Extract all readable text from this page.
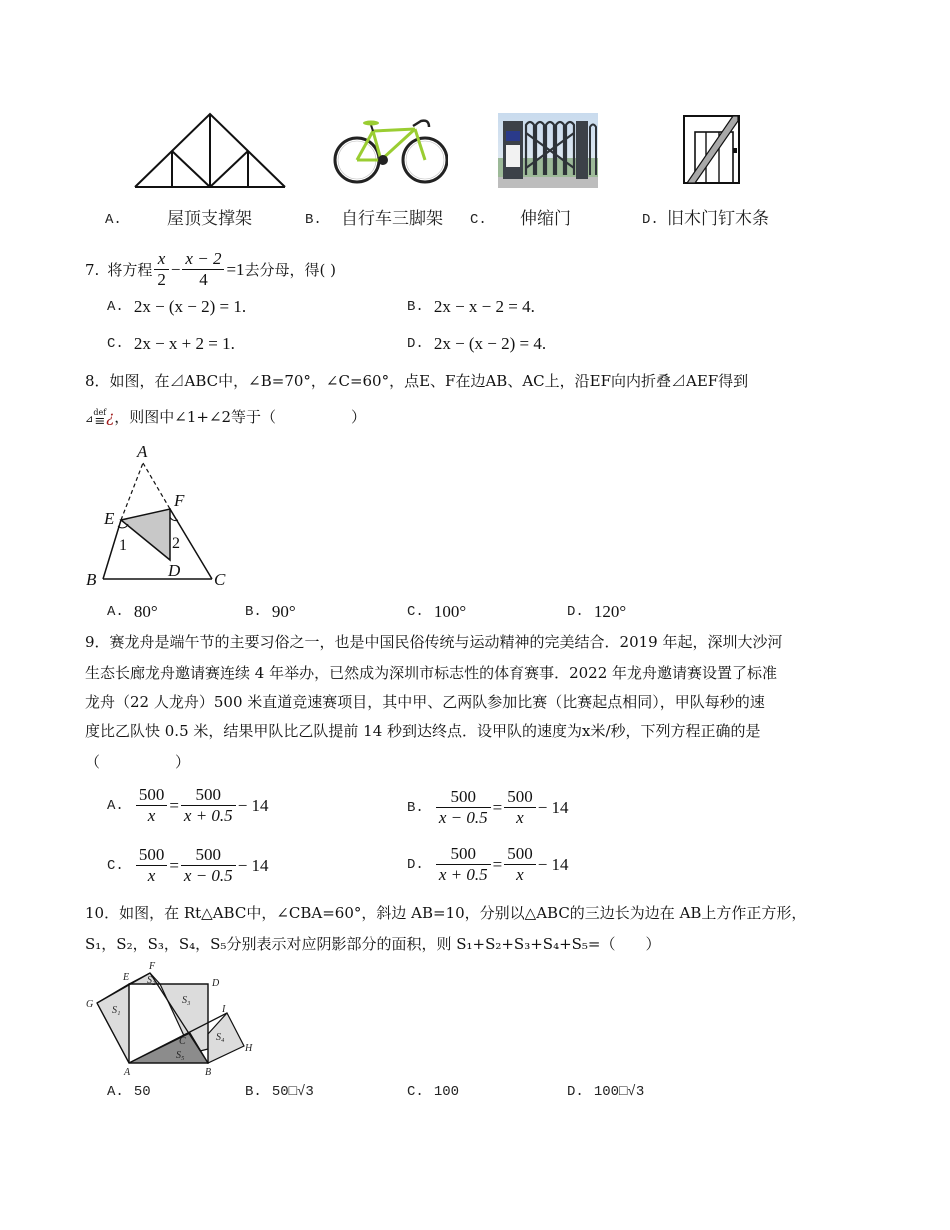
A.	屋顶支撑架	B. 自行车三脚架 C. 伸缩门	D. 旧木门钉木条
7. 将方程 $\frac{x}{2} - \frac{x - 2}{4} =1$ 去分母，得( )
A. 2x − (x − 2) = 1.	B. 2x − x − 2 = 4.
C. 2x − x + 2 = 1.	D. 2x − (x − 2) = 4.
8．如图，在⊿ABC中，∠B=70°，∠C=60°，点E、F在边AB、AC上，沿EF向内折叠⊿AEF得到
⊿
def
≡ ¿，则图中∠1+∠2等于（　　　　　）
A
B	C
D
E
F
1	2
A. 80°	B. 90°	C. 100°	D. 120°
9．赛龙舟是端午节的主要习俗之一，也是中国民俗传统与运动精神的完美结合．2019 年起，深圳大沙河
生态长廊龙舟邀请赛连续 4 年举办，已然成为深圳市标志性的体育赛事．2022 年龙舟邀请赛设置了标准
龙舟（22 人龙舟）500 米直道竞速赛项目，其中甲、乙两队参加比赛（比赛起点相同），甲队每秒的速
度比乙队快 0.5 米，结果甲队比乙队提前 14 秒到达终点．设甲队的速度为x米/秒，下列方程正确的是
（　　　　　）
A. $\frac{500}{x} = \frac{500}{x + 0.5} - 14$	B. $\frac{500}{x - 0.5} = \frac{500}{x} - 14$
C. $\frac{500}{x} = \frac{500}{x - 0.5} - 14$	D. $\frac{500}{x + 0.5} = \frac{500}{x} - 14$
10．如图，在 Rt△ABC中，∠CBA=60°，斜边 AB=10，分别以△ABC的三边长为边在 AB上方作正方形，
S₁，S₂，S₃，S₄，S₅分别表示对应阴影部分的面积，则 S₁+S₂+S₃+S₄+S₅=（　　）
A	B
C
D
E
F
G
H
I
S₁
S₂
S₃
S₄
S₅
A. 50	B. 50□√3	C. 100	D. 100□√3
